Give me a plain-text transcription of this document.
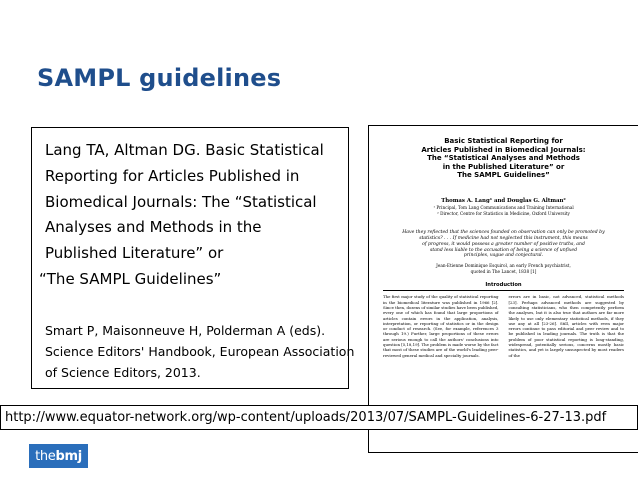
SAMPL guidelines
Lang TA, Altman DG. Basic Statistical
Reporting for Articles Published in
Biomedical Journals: The “Statistical
Analyses and Methods in the
Published Literature” or
“The SAMPL Guidelines”
Smart P, Maisonneuve H, Polderman A (eds).
Science Editors' Handbook, European Association
of Science Editors, 2013.
Basic Statistical Reporting for
Articles Published in Biomedical Journals:
The “Statistical Analyses and Methods
in the Published Literature” or
The SAMPL Guidelines”
Thomas A. Lang¹ and Douglas G. Altman²
¹ Principal, Tom Lang Communications and Training International
² Director, Centre for Statistics in Medicine, Oxford University
Have they reflected that the sciences founded on observation can only be promoted by
statistics? . . . If medicine had not neglected this instrument, this means
of progress, it would possess a greater number of positive truths, and
stand less liable to the accusation of being a science of unfixed
principles, vague and conjectural.
Jean-Etienne Dominique Esquirol, an early French psychiatrist,
quoted in The Lancet, 1838 [1]
Introduction
The first major study of the quality of statistical reporting in the biomedical literature was published in 1966 [2]. Since then, dozens of similar studies have been published, every one of which has found that large proportions of articles contain errors in the application, analysis, interpretation, or reporting of statistics or in the design or conduct of research. (See, for example, references 3 through 19.) Further, large proportions of these errors are serious enough to call the authors' conclusions into question [5,18,19]. The problem is made worse by the fact that most of these studies are of the world's leading peer-reviewed general medical and specialty journals.
errors are in basic, not advanced, statistical methods [23]. Perhaps advanced methods are suggested by consulting statisticians, who then competently perform the analyses, but it is also true that authors are far more likely to use only elementary statistical methods, if they use any at all [23-26]. Still, articles with even major errors continue to pass editorial and peer review and to be published in leading journals. The truth is that the problem of poor statistical reporting is long-standing, widespread, potentially serious, concerns mostly basic statistics, and yet is largely unsuspected by most readers of the
http://www.equator-network.org/wp-content/uploads/2013/07/SAMPL-Guidelines-6-27-13.pdf
the bmj
